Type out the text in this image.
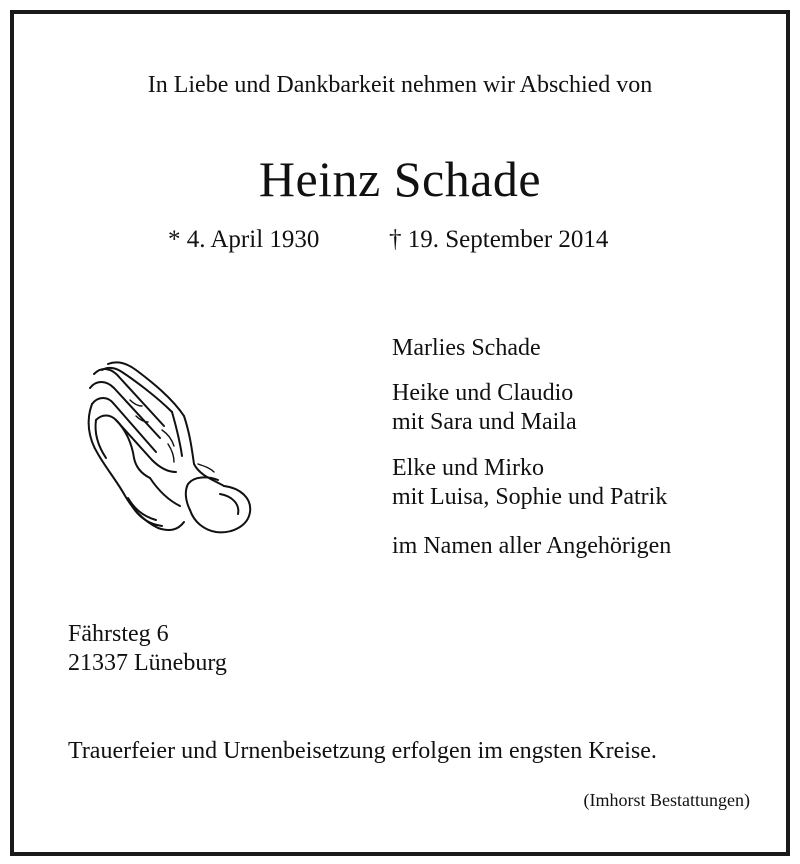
In Liebe und Dankbarkeit nehmen wir Abschied von
Heinz Schade
* 4. April 1930	† 19. September 2014
Marlies Schade
Heike und Claudio
mit Sara und Maila
Elke und Mirko
mit Luisa, Sophie und Patrik
im Namen aller Angehörigen
Fährsteg 6
21337 Lüneburg
Trauerfeier und Urnenbeisetzung erfolgen im engsten Kreise.
(Imhorst Bestattungen)
